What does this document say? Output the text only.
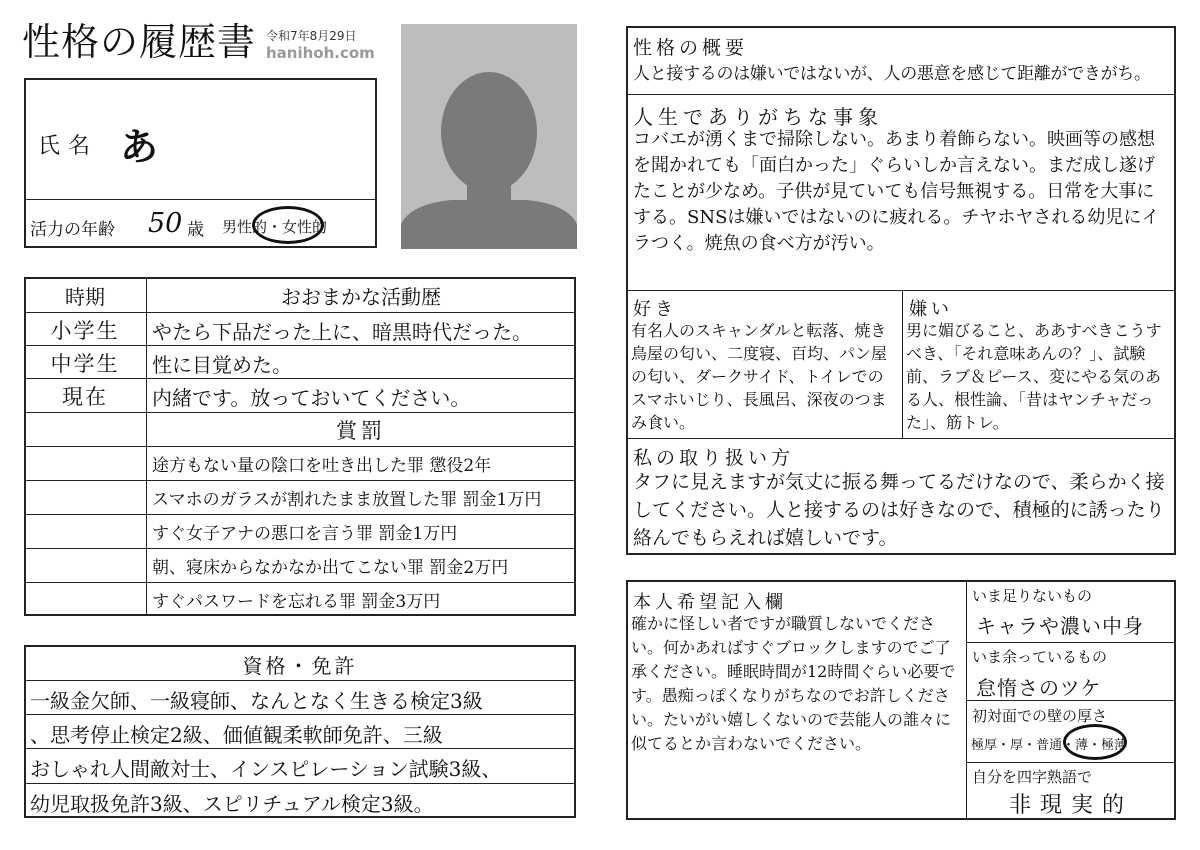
性格の履歴書 令和7年8月29日
hanihoh.com
氏名 あ
活力の年齢 50 歳 男性的・女性的
時期	おおまかな活動歴
小学生	やたら下品だった上に、暗黒時代だった。
中学生	性に目覚めた。
現在	内緒です。放っておいてください。
賞罰
途方もない量の陰口を吐き出した罪 懲役2年
スマホのガラスが割れたまま放置した罪 罰金1万円
すぐ女子アナの悪口を言う罪 罰金1万円
朝、寝床からなかなか出てこない罪 罰金2万円
すぐパスワードを忘れる罪 罰金3万円
資格・免許
一級金欠師、一級寝師、なんとなく生きる検定3級
、思考停止検定2級、価値観柔軟師免許、三級
おしゃれ人間敵対士、インスピレーション試験3級、
幼児取扱免許3級、スピリチュアル検定3級。
性格の概要
人と接するのは嫌いではないが、人の悪意を感じて距離ができがち。
人生でありがちな事象
コバエが湧くまで掃除しない。あまり着飾らない。映画等の感想を聞かれても「面白かった」ぐらいしか言えない。まだ成し遂げたことが少なめ。子供が見ていても信号無視する。日常を大事にする。SNSは嫌いではないのに疲れる。チヤホヤされる幼児にイラつく。焼魚の食べ方が汚い。
好き
有名人のスキャンダルと転落、焼き鳥屋の匂い、二度寝、百均、パン屋の匂い、ダークサイド、トイレでのスマホいじり、長風呂、深夜のつまみ食い。
嫌い
男に媚びること、ああすべきこうすべき、「それ意味あんの？」、試験前、ラブ＆ピース、変にやる気のある人、根性論、「昔はヤンチャだった」、筋トレ。
私の取り扱い方
タフに見えますが気丈に振る舞ってるだけなので、柔らかく接してください。人と接するのは好きなので、積極的に誘ったり絡んでもらえれば嬉しいです。
本人希望記入欄
確かに怪しい者ですが職質しないでください。何かあればすぐブロックしますのでご了承ください。睡眠時間が12時間ぐらい必要です。愚痴っぽくなりがちなのでお許しください。たいがい嬉しくないので芸能人の誰々に似てるとか言わないでください。
いま足りないもの
キャラや濃い中身
いま余っているもの
怠惰さのツケ
初対面での壁の厚さ
極厚・厚・普通・薄・極薄
自分を四字熟語で
非現実的
